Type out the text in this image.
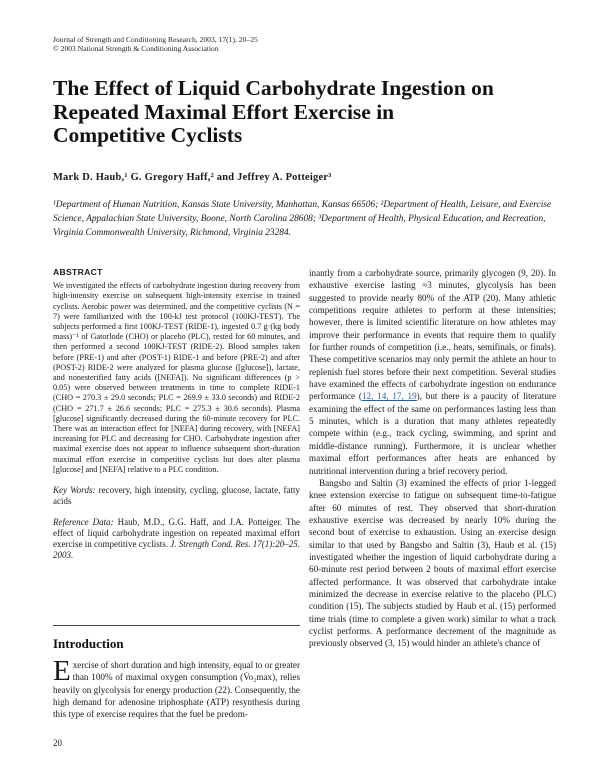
Journal of Strength and Conditioning Research, 2003, 17(1), 20–25
© 2003 National Strength & Conditioning Association
The Effect of Liquid Carbohydrate Ingestion on
Repeated Maximal Effort Exercise in
Competitive Cyclists
Mark D. Haub,¹ G. Gregory Haff,² and Jeffrey A. Potteiger³
¹Department of Human Nutrition, Kansas State University, Manhattan, Kansas 66506; ²Department of Health, Leisure, and Exercise Science, Appalachian State University, Boone, North Carolina 28608; ³Department of Health, Physical Education, and Recreation, Virginia Commonwealth University, Richmond, Virginia 23284.
ABSTRACT

We investigated the effects of carbohydrate ingestion during recovery from high-intensity exercise on subsequent high-intensity exercise in trained cyclists. Aerobic power was determined, and the competitive cyclists (N = 7) were familiarized with the 100-kJ test protocol (100KJ-TEST). The subjects performed a first 100KJ-TEST (RIDE-1), ingested 0.7 g·(kg body mass)⁻¹ of Gatorlode (CHO) or placebo (PLC), rested for 60 minutes, and then performed a second 100KJ-TEST (RIDE-2). Blood samples taken before (PRE-1) and after (POST-1) RIDE-1 and before (PRE-2) and after (POST-2) RIDE-2 were analyzed for plasma glucose ([glucose]), lactate, and nonesterified fatty acids ([NEFA]). No significant differences (p > 0.05) were observed between treatments in time to complete RIDE-1 (CHO = 270.3 ± 29.0 seconds; PLC = 269.9 ± 33.0 seconds) and RIDE-2 (CHO = 271.7 ± 26.6 seconds; PLC = 275.3 ± 30.6 seconds). Plasma [glucose] significantly decreased during the 60-minute recovery for PLC. There was an interaction effect for [NEFA] during recovery, with [NEFA] increasing for PLC and decreasing for CHO. Carbohydrate ingestion after maximal exercise does not appear to influence subsequent short-duration maximal effort exercise in competitive cyclists but does alter plasma [glucose] and [NEFA] relative to a PLC condition.

Key Words: recovery, high intensity, cycling, glucose, lactate, fatty acids

Reference Data: Haub, M.D., G.G. Haff, and J.A. Potteiger. The effect of liquid carbohydrate ingestion on repeated maximal effort exercise in competitive cyclists. J. Strength Cond. Res. 17(1):20–25. 2003.

Introduction
Exercise of short duration and high intensity, equal to or greater than 100% of maximal oxygen consumption (V̇o₂max), relies heavily on glycolysis for energy production (22). Consequently, the high demand for adenosine triphosphate (ATP) resynthesis during this type of exercise requires that the fuel be predom-

inantly from a carbohydrate source, primarily glycogen (9, 20). In exhaustive exercise lasting ≈3 minutes, glycolysis has been suggested to provide nearly 80% of the ATP (20). Many athletic competitions require athletes to perform at these intensities; however, there is limited scientific literature on how athletes may improve their performance in events that require them to qualify for further rounds of competition (i.e., heats, semifinals, or finals). These competitive scenarios may only permit the athlete an hour to replenish fuel stores before their next competition. Several studies have examined the effects of carbohydrate ingestion on endurance performance (12, 14, 17, 19), but there is a paucity of literature examining the effect of the same on performances lasting less than 5 minutes, which is a duration that many athletes repeatedly compete within (e.g., track cycling, swimming, and sprint and middle-distance running). Furthermore, it is unclear whether maximal effort performances after heats are enhanced by nutritional intervention during a brief recovery period.

Bangsbo and Saltin (3) examined the effects of prior 1-legged knee extension exercise to fatigue on subsequent time-to-fatigue after 60 minutes of rest. They observed that short-duration exhaustive exercise was decreased by nearly 10% during the second bout of exercise to exhaustion. Using an exercise design similar to that used by Bangsbo and Saltin (3), Haub et al. (15) investigated whether the ingestion of liquid carbohydrate during a 60-minute rest period between 2 bouts of maximal effort exercise affected performance. It was observed that carbohydrate intake minimized the decrease in exercise relative to the placebo (PLC) condition (15). The subjects studied by Haub et al. (15) performed time trials (time to complete a given work) similar to what a track cyclist performs. A performance decrement of the magnitude as previously observed (3, 15) would hinder an athlete's chance of

20
